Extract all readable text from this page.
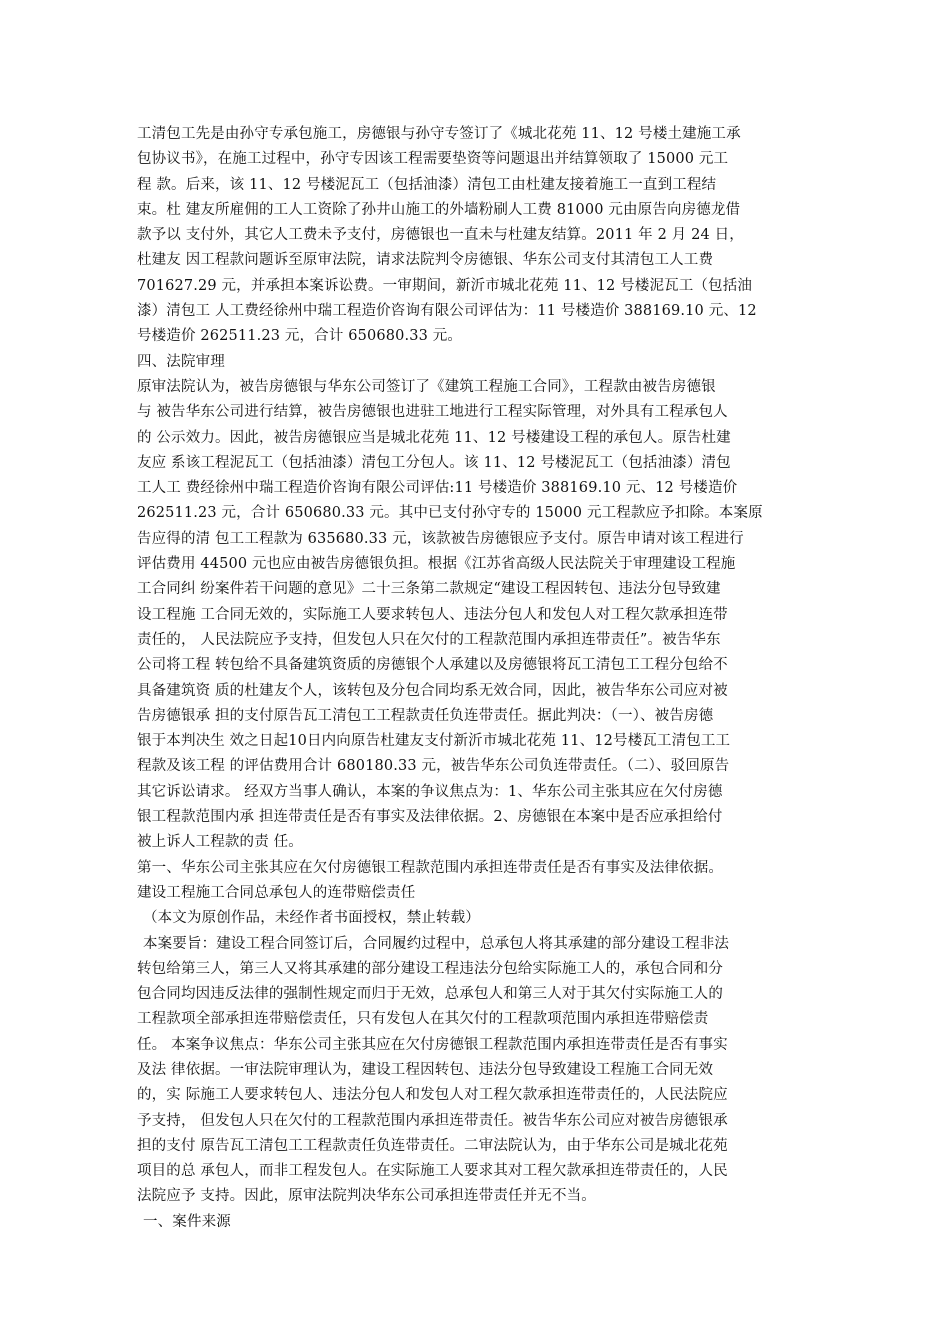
工清包工先是由孙守专承包施工，房德银与孙守专签订了《城北花苑 11、12 号楼土建施工承
包协议书》，在施工过程中，孙守专因该工程需要垫资等问题退出并结算领取了 15000 元工
程 款。后来，该 11、12 号楼泥瓦工（包括油漆）清包工由杜建友接着施工一直到工程结
束。杜 建友所雇佣的工人工资除了孙井山施工的外墙粉刷人工费 81000 元由原告向房德龙借
款予以 支付外，其它人工费未予支付，房德银也一直未与杜建友结算。2011 年 2 月 24 日，
杜建友 因工程款问题诉至原审法院，请求法院判令房德银、华东公司支付其清包工人工费
701627.29 元，并承担本案诉讼费。一审期间，新沂市城北花苑 11、12 号楼泥瓦工（包括油
漆）清包工 人工费经徐州中瑞工程造价咨询有限公司评估为：11 号楼造价 388169.10 元、12
号楼造价 262511.23 元，合计 650680.33 元。
四、法院审理
原审法院认为，被告房德银与华东公司签订了《建筑工程施工合同》，工程款由被告房德银
与 被告华东公司进行结算，被告房德银也进驻工地进行工程实际管理，对外具有工程承包人
的 公示效力。因此，被告房德银应当是城北花苑 11、12 号楼建设工程的承包人。原告杜建
友应 系该工程泥瓦工（包括油漆）清包工分包人。该 11、12 号楼泥瓦工（包括油漆）清包
工人工 费经徐州中瑞工程造价咨询有限公司评估:11 号楼造价 388169.10 元、12 号楼造价
262511.23 元，合计 650680.33 元。其中已支付孙守专的 15000 元工程款应予扣除。本案原
告应得的清 包工工程款为 635680.33 元，该款被告房德银应予支付。原告申请对该工程进行
评估费用 44500 元也应由被告房德银负担。根据《江苏省高级人民法院关于审理建设工程施
工合同纠 纷案件若干问题的意见》二十三条第二款规定“建设工程因转包、违法分包导致建
设工程施 工合同无效的，实际施工人要求转包人、违法分包人和发包人对工程欠款承担连带
责任的， 人民法院应予支持，但发包人只在欠付的工程款范围内承担连带责任”。被告华东
公司将工程 转包给不具备建筑资质的房德银个人承建以及房德银将瓦工清包工工程分包给不
具备建筑资 质的杜建友个人，该转包及分包合同均系无效合同，因此，被告华东公司应对被
告房德银承 担的支付原告瓦工清包工工程款责任负连带责任。据此判决：（一）、被告房德
银于本判决生 效之日起10日内向原告杜建友支付新沂市城北花苑 11、12号楼瓦工清包工工
程款及该工程 的评估费用合计 680180.33 元，被告华东公司负连带责任。（二）、驳回原告
其它诉讼请求。 经双方当事人确认，本案的争议焦点为：1、华东公司主张其应在欠付房德
银工程款范围内承 担连带责任是否有事实及法律依据。2、房德银在本案中是否应承担给付
被上诉人工程款的责 任。
第一、华东公司主张其应在欠付房德银工程款范围内承担连带责任是否有事实及法律依据。
建设工程施工合同总承包人的连带赔偿责任
（本文为原创作品，未经作者书面授权，禁止转载）
本案要旨：建设工程合同签订后，合同履约过程中，总承包人将其承建的部分建设工程非法
转包给第三人，第三人又将其承建的部分建设工程违法分包给实际施工人的，承包合同和分
包合同均因违反法律的强制性规定而归于无效，总承包人和第三人对于其欠付实际施工人的
工程款项全部承担连带赔偿责任，只有发包人在其欠付的工程款项范围内承担连带赔偿责
任。 本案争议焦点：华东公司主张其应在欠付房德银工程款范围内承担连带责任是否有事实
及法 律依据。一审法院审理认为，建设工程因转包、违法分包导致建设工程施工合同无效
的，实 际施工人要求转包人、违法分包人和发包人对工程欠款承担连带责任的，人民法院应
予支持， 但发包人只在欠付的工程款范围内承担连带责任。被告华东公司应对被告房德银承
担的支付 原告瓦工清包工工程款责任负连带责任。二审法院认为，由于华东公司是城北花苑
项目的总 承包人，而非工程发包人。在实际施工人要求其对工程欠款承担连带责任的，人民
法院应予 支持。因此，原审法院判决华东公司承担连带责任并无不当。
一、案件来源
